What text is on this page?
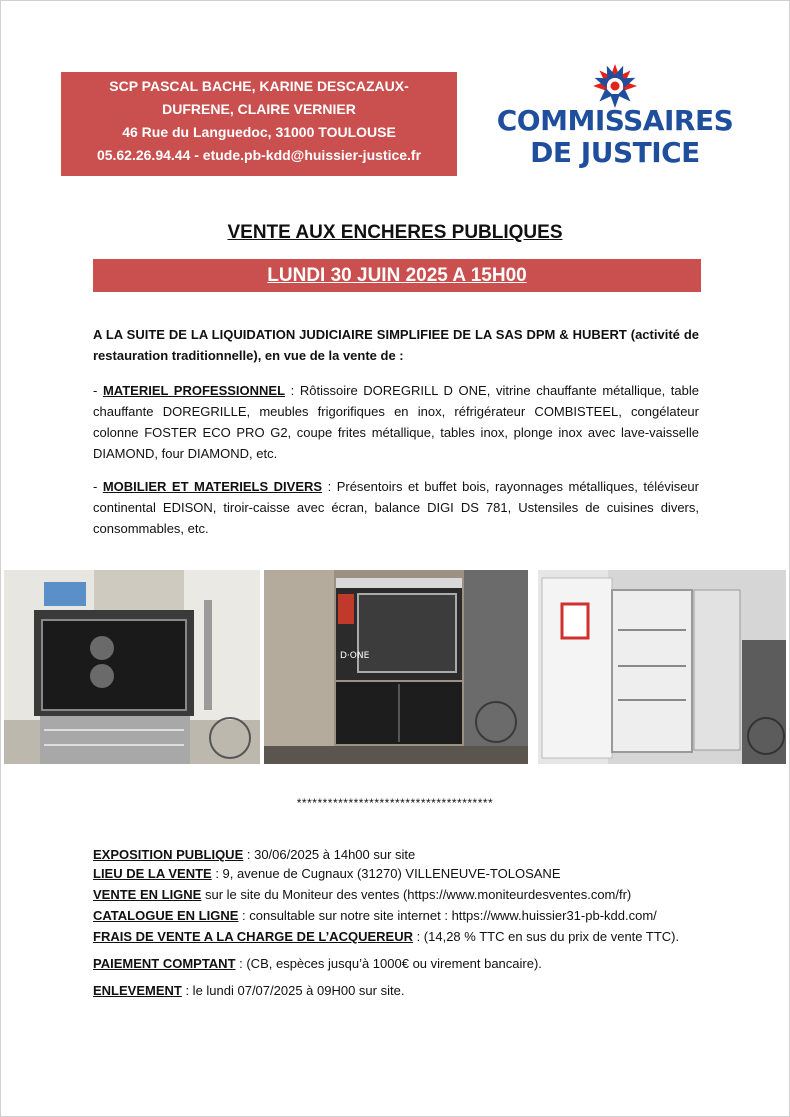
SCP PASCAL BACHE, KARINE DESCAZAUX-
DUFRENE, CLAIRE VERNIER
46 Rue du Languedoc, 31000 TOULOUSE
05.62.26.94.44 - etude.pb-kdd@huissier-justice.fr
COMMISSAIRES
DE JUSTICE
VENTE AUX ENCHERES PUBLIQUES
LUNDI 30 JUIN 2025 A 15H00
A LA SUITE DE LA LIQUIDATION JUDICIAIRE SIMPLIFIEE DE LA SAS DPM & HUBERT (activité de restauration traditionnelle), en vue de la vente de :
- MATERIEL PROFESSIONNEL : Rôtissoire DOREGRILL D ONE, vitrine chauffante métallique, table chauffante DOREGRILLE, meubles frigorifiques en inox, réfrigérateur COMBISTEEL, congélateur colonne FOSTER ECO PRO G2, coupe frites métallique, tables inox, plonge inox avec lave-vaisselle DIAMOND, four DIAMOND, etc.
- MOBILIER ET MATERIELS DIVERS : Présentoirs et buffet bois, rayonnages métalliques, téléviseur continental EDISON, tiroir-caisse avec écran, balance DIGI DS 781, Ustensiles de cuisines divers, consommables, etc.
D·ONE
**************************************
EXPOSITION PUBLIQUE : 30/06/2025 à 14h00 sur site
LIEU DE LA VENTE : 9, avenue de Cugnaux (31270) VILLENEUVE-TOLOSANE
VENTE EN LIGNE sur le site du Moniteur des ventes (https://www.moniteurdesventes.com/fr)
CATALOGUE EN LIGNE : consultable sur notre site internet : https://www.huissier31-pb-kdd.com/
FRAIS DE VENTE A LA CHARGE DE L’ACQUEREUR : (14,28 % TTC en sus du prix de vente TTC).
PAIEMENT COMPTANT : (CB, espèces jusqu’à 1000€ ou virement bancaire).
ENLEVEMENT : le lundi 07/07/2025 à 09H00 sur site.
